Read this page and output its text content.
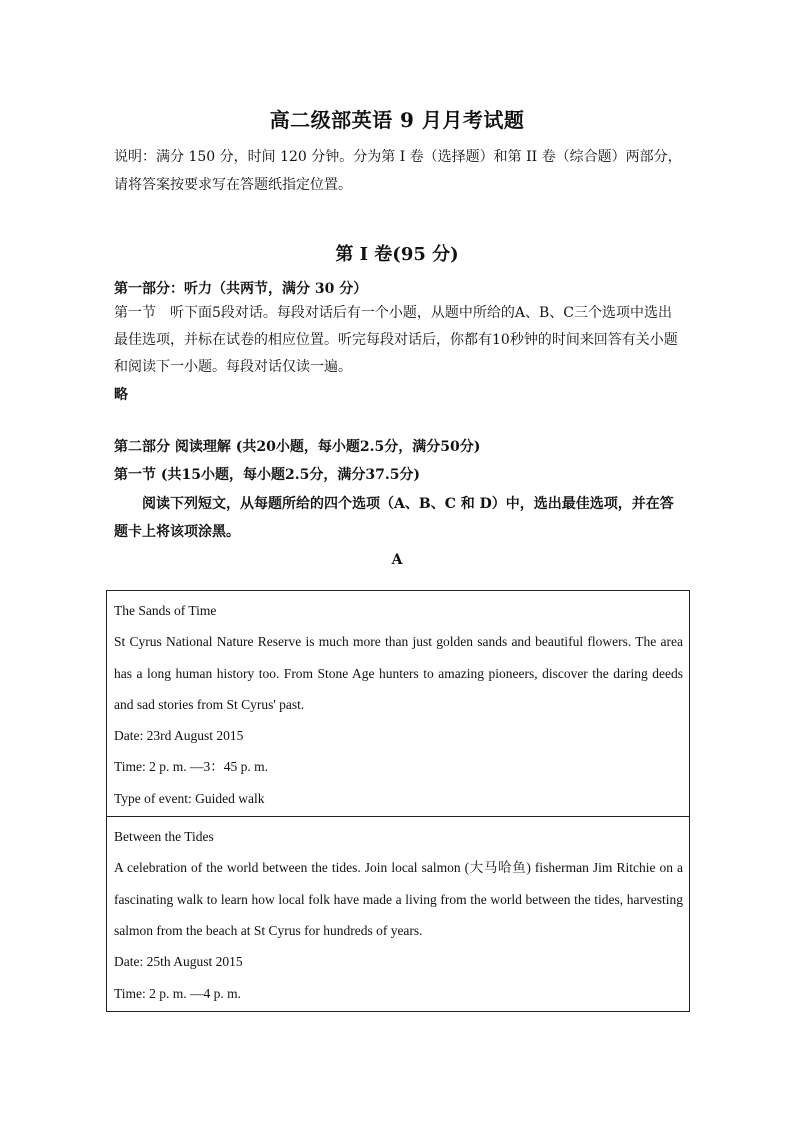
高二级部英语 9 月月考试题
说明：满分 150 分，时间 120 分钟。分为第 I 卷（选择题）和第 II 卷（综合题）两部分，请将答案按要求写在答题纸指定位置。
第 I 卷(95 分)
第一部分：听力（共两节，满分 30 分）
第一节　听下面5段对话。每段对话后有一个小题，从题中所给的A、B、C三个选项中选出最佳选项，并标在试卷的相应位置。听完每段对话后，你都有10秒钟的时间来回答有关小题和阅读下一小题。每段对话仅读一遍。
略
第二部分 阅读理解 (共20小题，每小题2.5分，满分50分)
第一节 (共15小题，每小题2.5分，满分37.5分)
阅读下列短文，从每题所给的四个选项（A、B、C 和 D）中，选出最佳选项，并在答题卡上将该项涂黑。
A
The Sands of Time
St Cyrus National Nature Reserve is much more than just golden sands and beautiful flowers. The area has a long human history too. From Stone Age hunters to amazing pioneers, discover the daring deeds and sad stories from St Cyrus' past.
Date: 23rd August 2015
Time: 2 p. m. —3：45 p. m.
Type of event: Guided walk
Between the Tides
A celebration of the world between the tides. Join local salmon (大马哈鱼) fisherman Jim Ritchie on a fascinating walk to learn how local folk have made a living from the world between the tides, harvesting salmon from the beach at St Cyrus for hundreds of years.
Date: 25th August 2015
Time: 2 p. m. —4 p. m.
